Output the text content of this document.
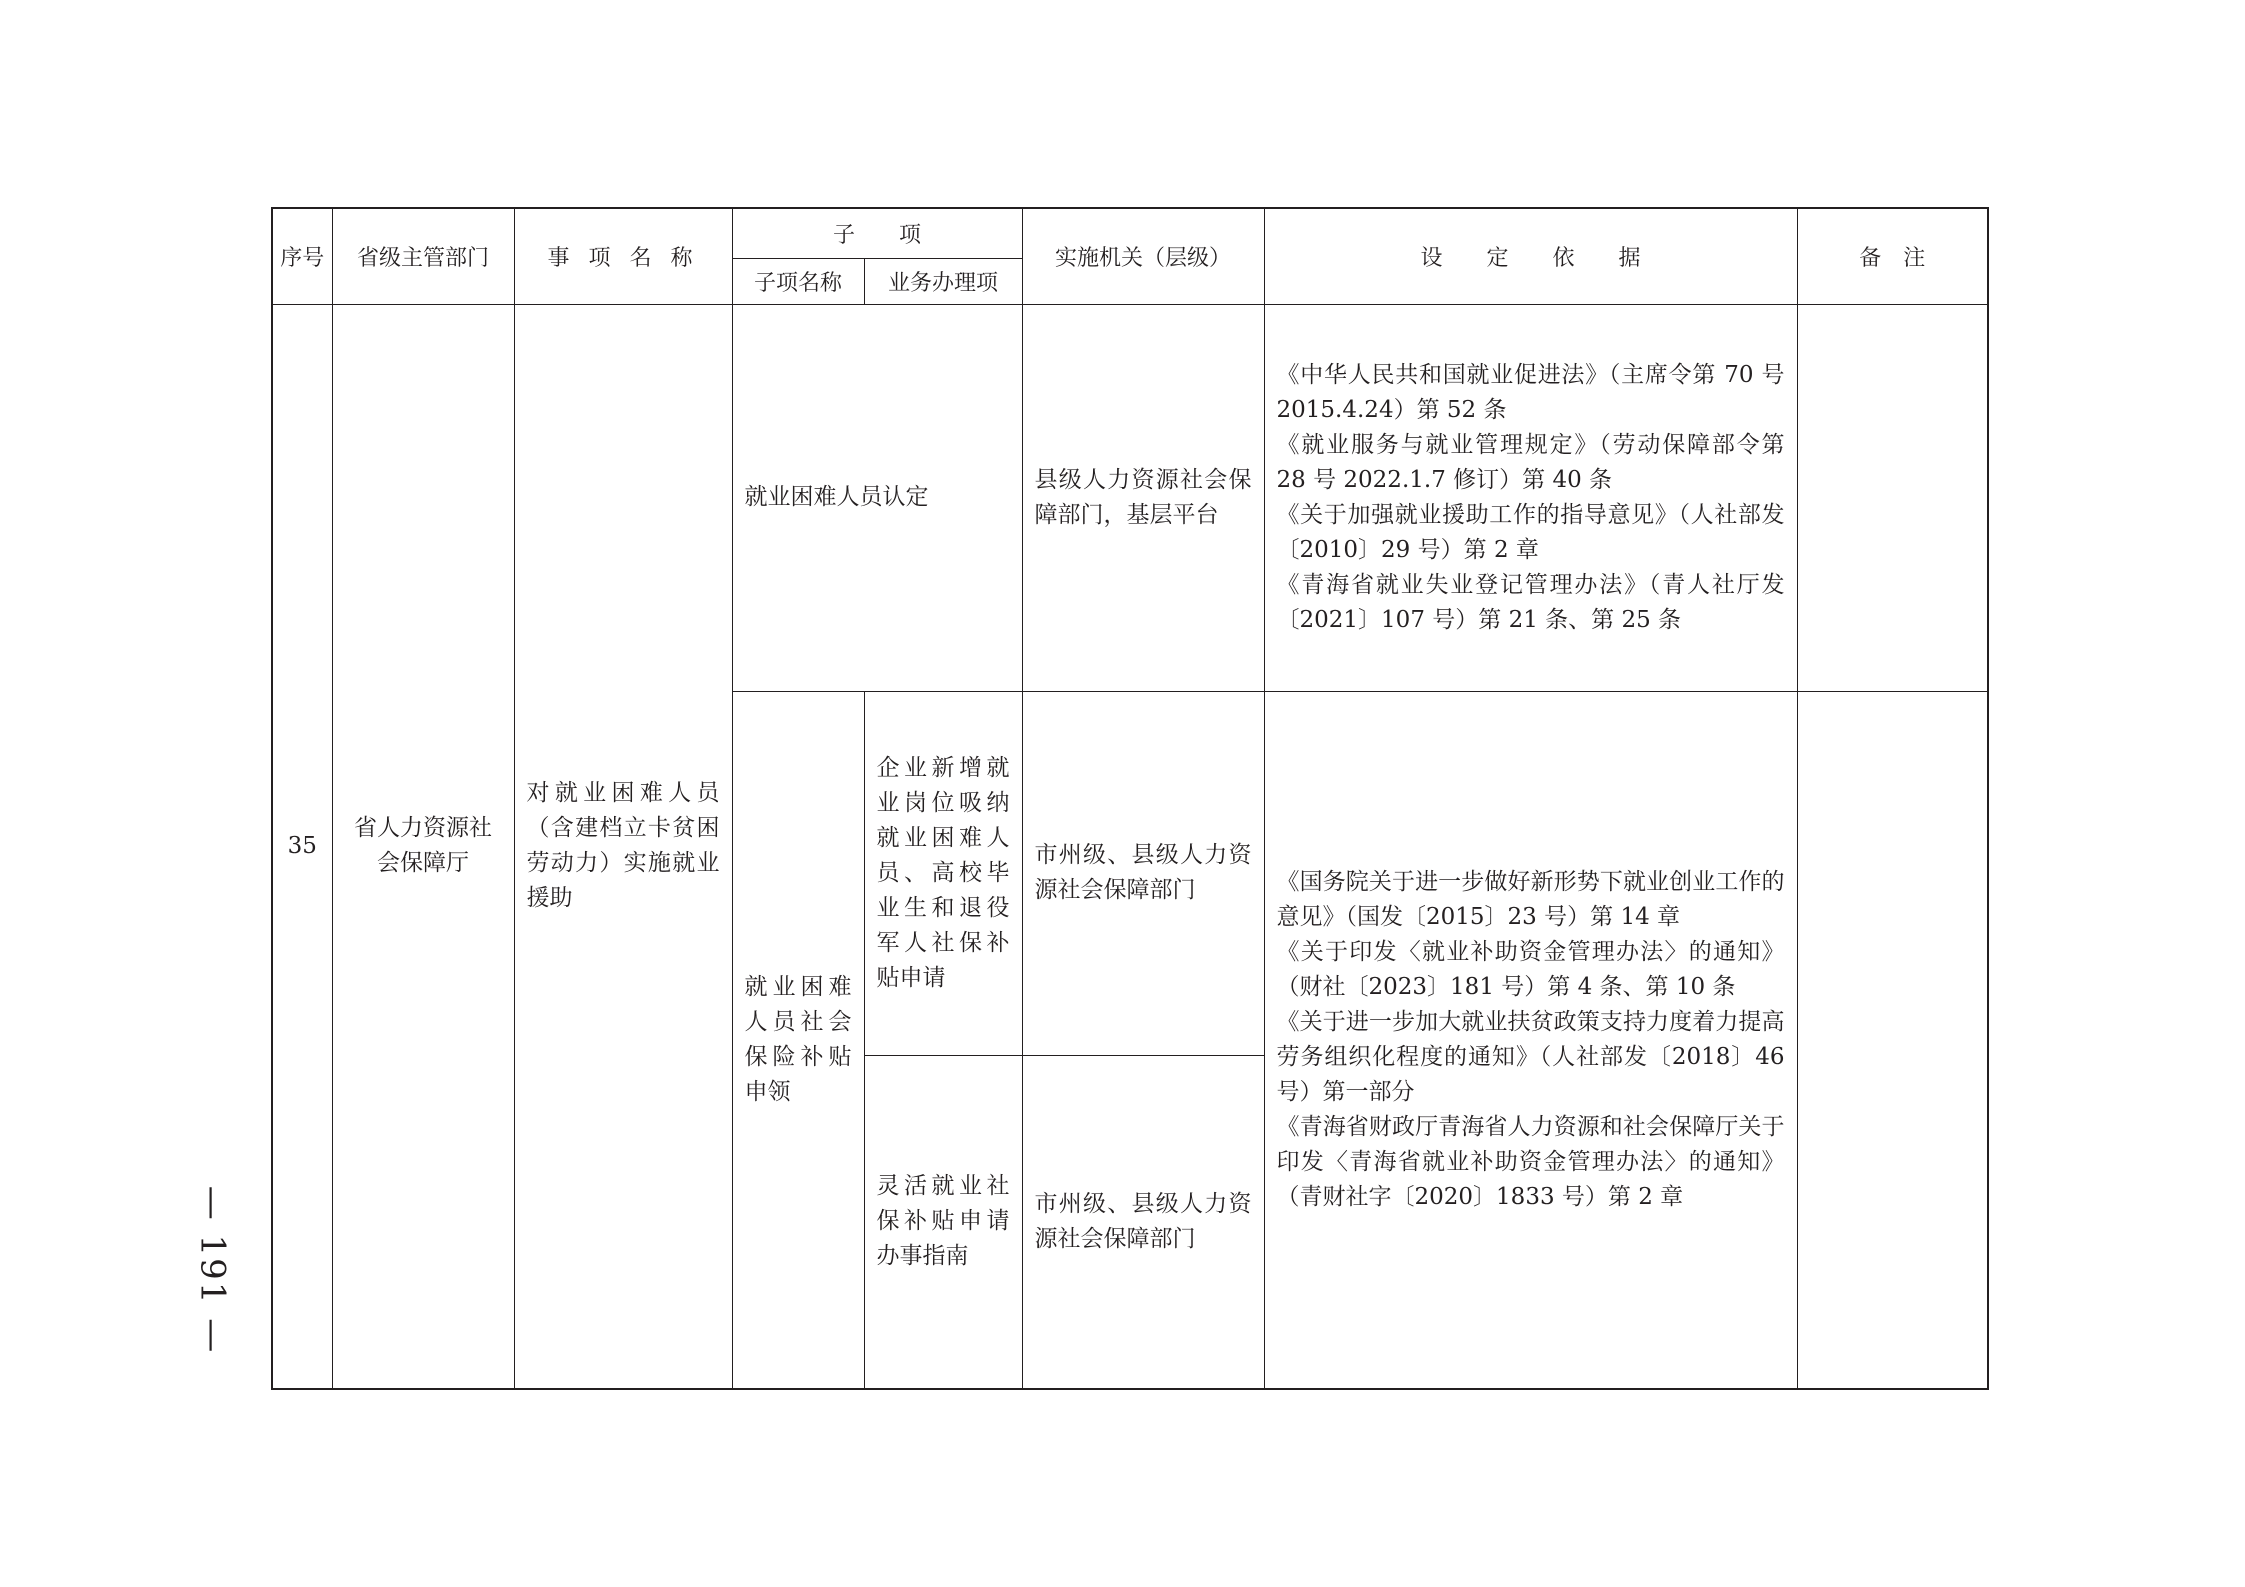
— 191 —
序号	省级主管部门	事 项 名 称	子　　项		实施机关（层级）	设　　定　　依　　据	备　注
			子项名称	业务办理项			
35	省人力资源社会保障厅	对就业困难人员（含建档立卡贫困劳动力）实施就业援助	就业困难人员认定		县级人力资源社会保障部门，基层平台	《中华人民共和国就业促进法》（主席令第 70 号 2015.4.24）第 52 条
《就业服务与就业管理规定》（劳动保障部令第 28 号 2022.1.7 修订）第 40 条
《关于加强就业援助工作的指导意见》（人社部发〔2010〕29 号）第 2 章
《青海省就业失业登记管理办法》（青人社厅发〔2021〕107 号）第 21 条、第 25 条	

			就业困难人员社会保险补贴申领	企业新增就业岗位吸纳就业困难人员、高校毕业生和退役军人社保补贴申请	市州级、县级人力资源社会保障部门	《国务院关于进一步做好新形势下就业创业工作的意见》（国发〔2015〕23 号）第 14 章
《关于印发〈就业补助资金管理办法〉的通知》（财社〔2023〕181 号）第 4 条、第 10 条
《关于进一步加大就业扶贫政策支持力度着力提高劳务组织化程度的通知》（人社部发〔2018〕46 号）第一部分
《青海省财政厅青海省人力资源和社会保障厅关于印发〈青海省就业补助资金管理办法〉的通知》（青财社字〔2020〕1833 号）第 2 章	

				灵活就业社保补贴申请办事指南	市州级、县级人力资源社会保障部门		
